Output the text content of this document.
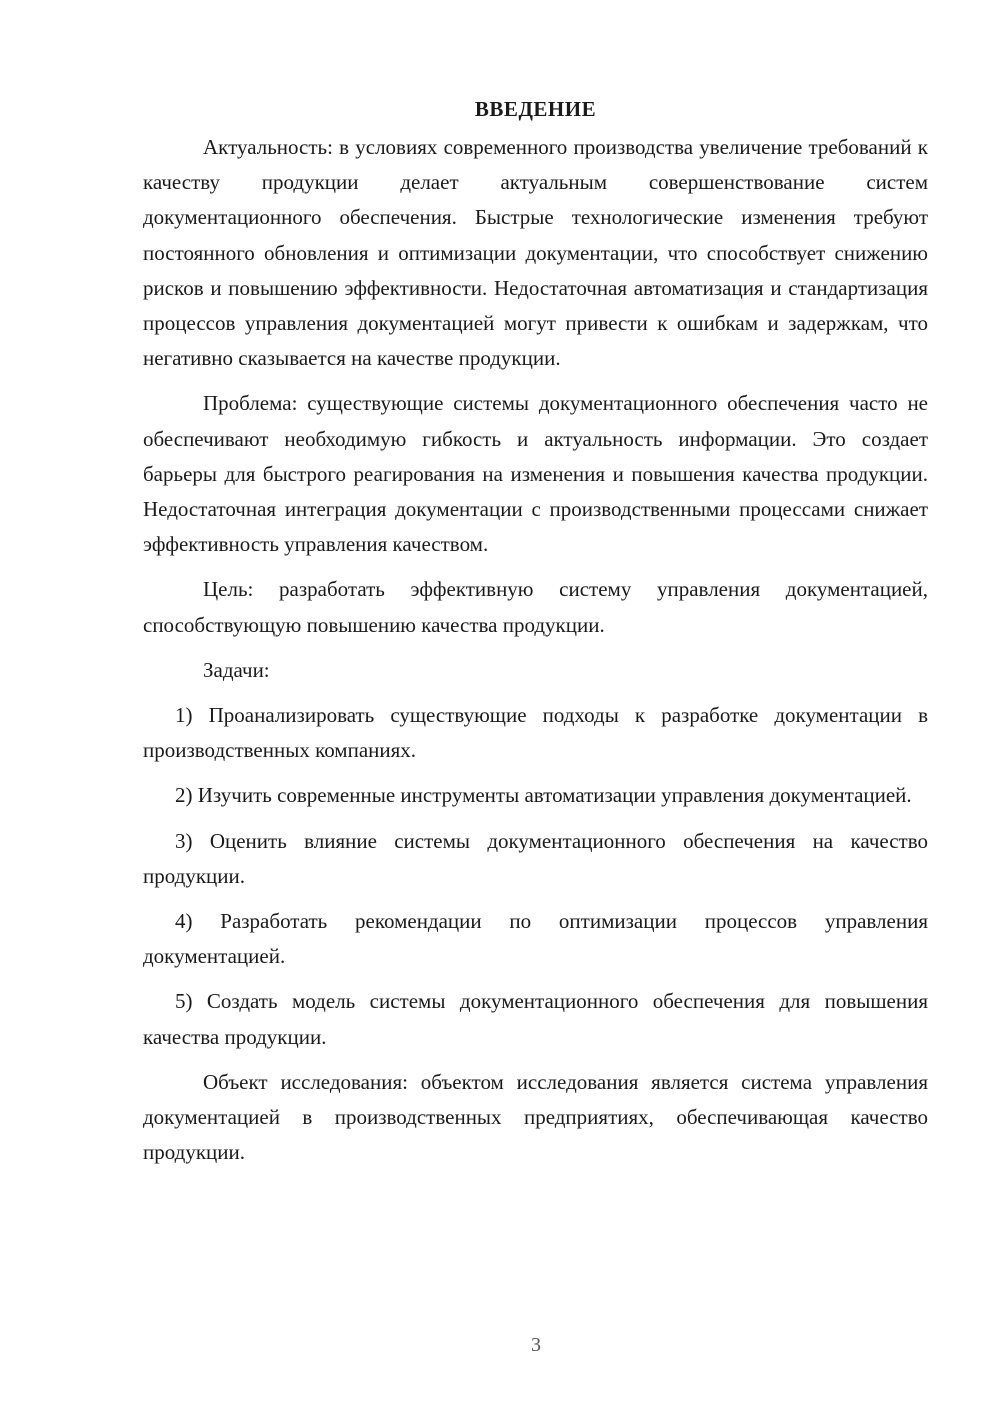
ВВЕДЕНИЕ

Актуальность: в условиях современного производства увеличение требований к качеству продукции делает актуальным совершенствование систем документационного обеспечения. Быстрые технологические изменения требуют постоянного обновления и оптимизации документации, что способствует снижению рисков и повышению эффективности. Недостаточная автоматизация и стандартизация процессов управления документацией могут привести к ошибкам и задержкам, что негативно сказывается на качестве продукции.

Проблема: существующие системы документационного обеспечения часто не обеспечивают необходимую гибкость и актуальность информации. Это создает барьеры для быстрого реагирования на изменения и повышения качества продукции. Недостаточная интеграция документации с производственными процессами снижает эффективность управления качеством.

Цель: разработать эффективную систему управления документацией, способствующую повышению качества продукции.

Задачи:

1) Проанализировать существующие подходы к разработке документации в производственных компаниях.

2) Изучить современные инструменты автоматизации управления документацией.

3) Оценить влияние системы документационного обеспечения на качество продукции.

4) Разработать рекомендации по оптимизации процессов управления документацией.

5) Создать модель системы документационного обеспечения для повышения качества продукции.

Объект исследования: объектом исследования является система управления документацией в производственных предприятиях, обеспечивающая качество продукции.

3
